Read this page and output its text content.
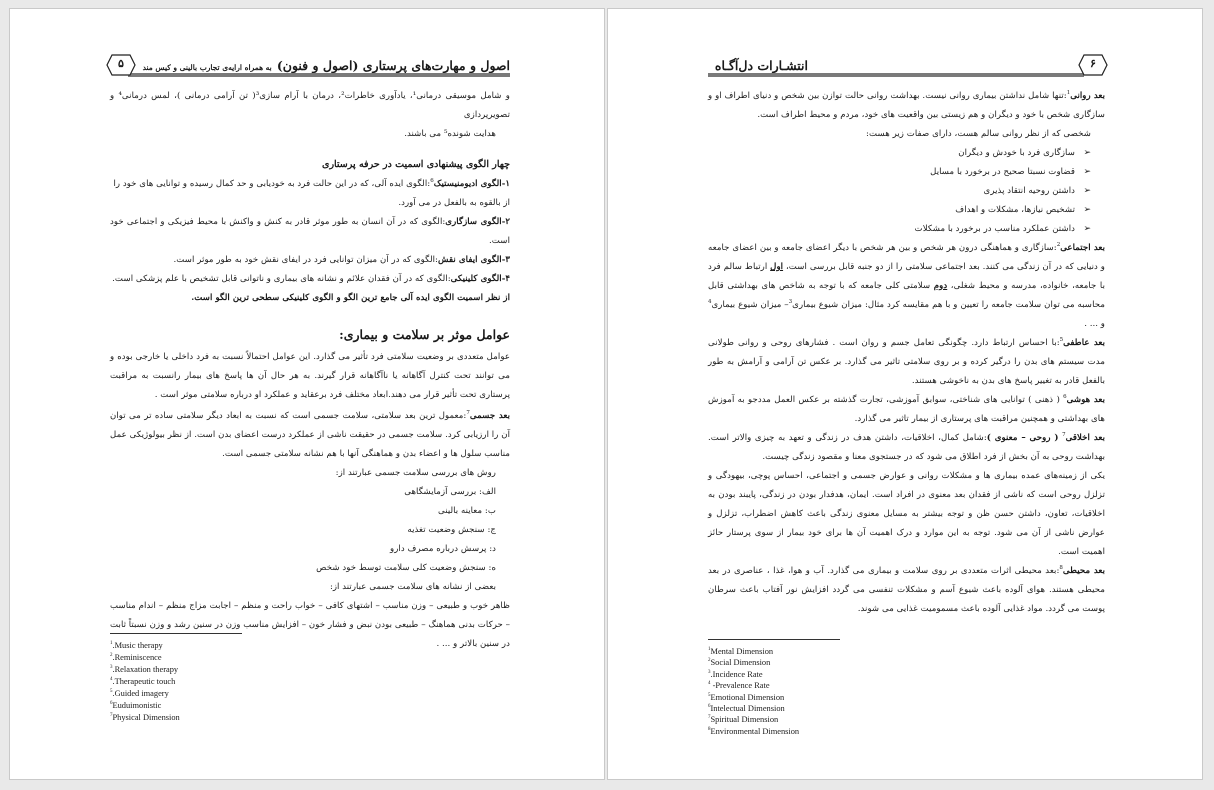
اصول و مهارت‌های پرستاری (اصول و فنون) به همراه ارایه‌ی تجارب بالینی و کیس مند
۵

و شامل موسیقی درمانی¹، یادآوری خاطرات²، درمان با آرام سازی³( تن آرامی درمانی )، لمس درمانی⁴ و تصویرپردازی

هدایت شونده⁵ می باشند.

چهار الگوی پیشنهادی اسمیت در حرفه پرستاری

۱-الگوی ادیومنیستیک$^6$:الگوی ایده آلی، که در این حالت فرد به خودیابی و حد کمال رسیده و توانایی های خود را

از بالقوه به بالفعل در می آورد.

۲-الگوی سازگاری:الگوی که در آن انسان به طور موثر قادر به کنش و واکنش با محیط فیزیکی و اجتماعی خود است.

۳-الگوی ایفای نقش:الگوی که در آن میزان توانایی فرد در ایفای نقش خود به طور موثر است.

۴-الگوی کلینیکی:الگوی که در آن فقدان علائم و نشانه های بیماری و ناتوانی قابل تشخیص با علم پزشکی است.

از نظر اسمیت الگوی ایده آلی جامع ترین الگو و الگوی کلینیکی سطحی ترین الگو است.

عوامل موثر بر سلامت و بیماری:

عوامل متعددی بر وضعیت سلامتی فرد تأثیر می گذارد. این عوامل احتمالاً نسبت به فرد داخلی یا خارجی بوده و می توانند تحت کنترل آگاهانه یا ناآگاهانه قرار گیرند. به هر حال آن ها پاسخ های بیمار رانسبت به مراقبت پرستاری تحت تأثیر قرار می دهند.ابعاد مختلف فرد برعقاید و عملکرد او درباره سلامتی موثر است .

بعد جسمی$^7$:معمول ترین بعد سلامتی، سلامت جسمی است که نسبت به ابعاد دیگر سلامتی ساده تر می توان آن را ارزیابی کرد. سلامت جسمی در حقیقت ناشی از عملکرد درست اعضای بدن است. از نظر بیولوژیکی عمل مناسب سلول ها و اعضاء بدن و هماهنگی آنها با هم نشانه سلامتی جسمی است.

روش های بررسی سلامت جسمی عبارتند از:

الف: بررسی آزمایشگاهی

ب: معاینه بالینی

ج: سنجش وضعیت تغذیه

د: پرسش درباره مصرف دارو

ه: سنجش وضعیت کلی سلامت توسط خود شخص

بعضی از نشانه های سلامت جسمی عبارتند از:

ظاهر خوب و طبیعی – وزن مناسب – اشتهای کافی – خواب راحت و منظم – اجابت مزاج منظم – اندام مناسب – حرکات بدنی هماهنگ – طبیعی بودن نبض و فشار خون – افزایش مناسب وزن در سنین رشد و وزن نسبتاً ثابت در سنین بالاتر و ... .

$^1$.Music therapy
$^2$.Reminiscence
$^3$.Relaxation therapy
$^4$.Therapeutic touch
$^5$.Guided imagery
$^6$Euduimonistic
$^7$Physical Dimension
انتشـارات دل‌آگـاه	۶

بعد روانی$^1$:تنها شامل نداشتن بیماری روانی نیست. بهداشت روانی حالت توازن بین شخص و دنیای اطراف او و سازگاری شخص با خود و دیگران و هم زیستی بین واقعیت های خود، مردم و محیط اطراف است.

شخصی که از نظر روانی سالم هست، دارای صفات زیر هست:

➢
سازگاری فرد با خودش و دیگران
➢
قضاوت نسبتا صحیح در برخورد با مسایل
➢
داشتن روحیه انتقاد پذیری
➢
تشخیص نیازها، مشکلات و اهداف
➢
داشتن عملکرد مناسب در برخورد با مشکلات

بعد اجتماعی$^2$:سازگاری و هماهنگی درون هر شخص و بین هر شخص با دیگر اعضای جامعه و بین اعضای جامعه و دنیایی که در آن زندگی می کنند. بعد اجتماعی سلامتی را از دو جنبه قابل بررسی است، اول ارتباط سالم فرد با جامعه، خانواده، مدرسه و محیط شغلی، دوم سلامتی کلی جامعه که با توجه به شاخص های بهداشتی قابل محاسبه می توان سلامت جامعه را تعیین و با هم مقایسه کرد مثال: میزان شیوع بیماری$^3$– میزان شیوع بیماری$^4$ و ... .

بعد عاطفی$^5$:با احساس ارتباط دارد. چگونگی تعامل جسم و روان است . فشارهای روحی و روانی طولانی مدت سیستم های بدن را درگیر کرده و بر روی سلامتی تاثیر می گذارد. بر عکس تن آرامی و آرامش به طور بالفعل قادر به تغییر پاسخ های بدن به ناخوشی هستند.

بعد هوشی$^6$ ( ذهنی ) توانایی های شناختی، سوابق آموزشی، تجارت گذشته بر عکس العمل مددجو به آموزش های بهداشتی و همچنین مراقبت های پرستاری از بیمار تاثیر می گذارد.

بعد اخلاقی$^7$ ( روحی – معنوی ):شامل کمال، اخلاقیات، داشتن هدف در زندگی و تعهد به چیزی والاتر است. بهداشت روحی به آن بخش از فرد اطلاق می شود که در جستجوی معنا و مقصود زندگی چیست.

یکی از زمینه‌های عمده بیماری ها و مشکلات روانی و عوارض جسمی و اجتماعی، احساس پوچی، بیهودگی و تزلزل روحی است که ناشی از فقدان بعد معنوی در افراد است. ایمان، هدفدار بودن در زندگی، پایبند بودن به اخلاقیات، تعاون، داشتن حسن ظن و توجه بیشتر به مسایل معنوی زندگی باعث کاهش اضطراب، تزلزل و عوارض ناشی از آن می شود. توجه به این موارد و درک اهمیت آن ها برای خود بیمار از سوی پرستار حائز اهمیت است.

بعد محیطی$^8$:بعد محیطی اثرات متعددی بر روی سلامت و بیماری می گذارد. آب و هوا، غذا ، عناصری در بعد محیطی هستند. هوای آلوده باعث شیوع آسم و مشکلات تنفسی می گردد افزایش نور آفتاب باعث سرطان پوست می گردد. مواد غذایی آلوده باعث مسمومیت غذایی می شوند.

$^1$Mental Dimension
$^2$Social Dimension
$^3$.Incidence Rate
$^4$ -Prevalence Rate
$^5$Emotional Dimension
$^6$Intelectual Dimension
$^7$Spiritual Dimension
$^8$Environmental Dimension
